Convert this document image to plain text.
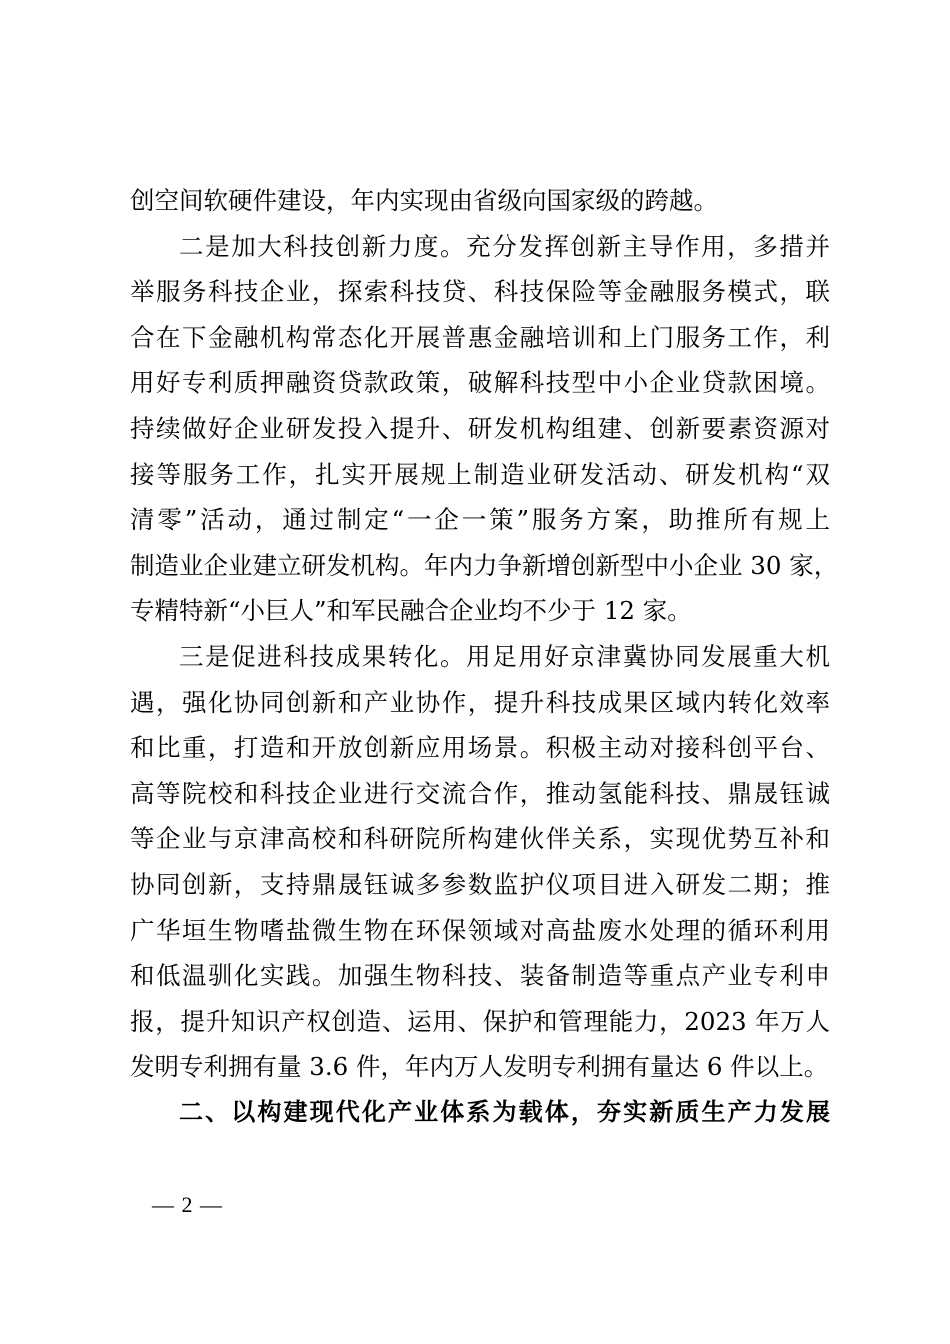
创空间软硬件建设，年内实现由省级向国家级的跨越。
二是加大科技创新力度。充分发挥创新主导作用，多措并
举服务科技企业，探索科技贷、科技保险等金融服务模式，联
合在下金融机构常态化开展普惠金融培训和上门服务工作，利
用好专利质押融资贷款政策，破解科技型中小企业贷款困境。
持续做好企业研发投入提升、研发机构组建、创新要素资源对
接等服务工作，扎实开展规上制造业研发活动、研发机构“双
清零”活动，通过制定“一企一策”服务方案，助推所有规上
制造业企业建立研发机构。年内力争新增创新型中小企业 30 家，
专精特新“小巨人”和军民融合企业均不少于 12 家。
三是促进科技成果转化。用足用好京津冀协同发展重大机
遇，强化协同创新和产业协作，提升科技成果区域内转化效率
和比重，打造和开放创新应用场景。积极主动对接科创平台、
高等院校和科技企业进行交流合作，推动氢能科技、鼎晟钰诚
等企业与京津高校和科研院所构建伙伴关系，实现优势互补和
协同创新，支持鼎晟钰诚多参数监护仪项目进入研发二期；推
广华垣生物嗜盐微生物在环保领域对高盐废水处理的循环利用
和低温驯化实践。加强生物科技、装备制造等重点产业专利申
报，提升知识产权创造、运用、保护和管理能力，2023 年万人
发明专利拥有量 3.6 件，年内万人发明专利拥有量达 6 件以上。
二、以构建现代化产业体系为载体，夯实新质生产力发展
— 2 —
